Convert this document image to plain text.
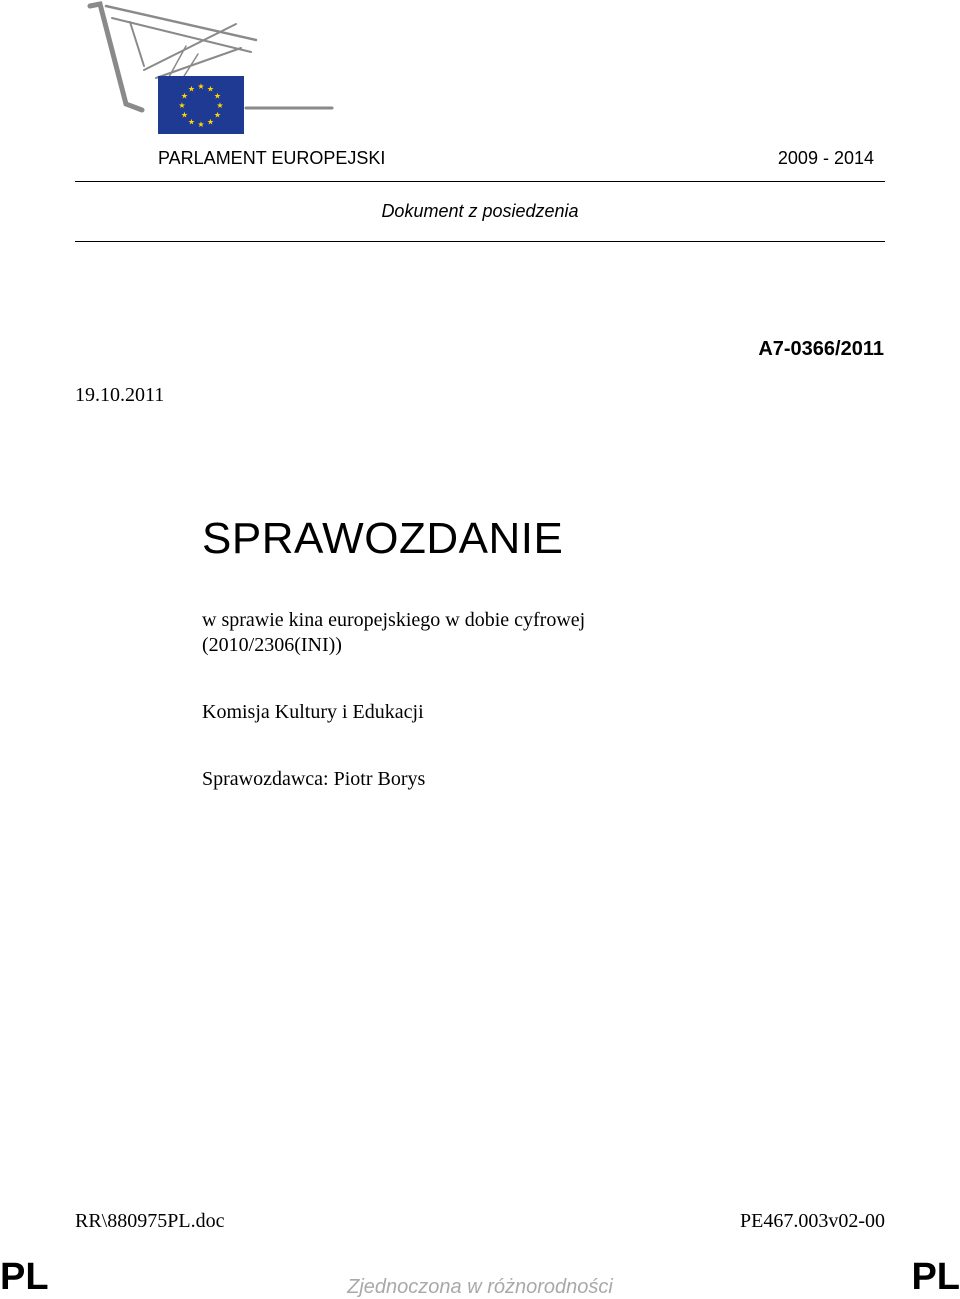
★ ★
★
★
★
★
★
★
★
★
★
★
PARLAMENT EUROPEJSKI	2009 - 2014
Dokument z posiedzenia
A7-0366/2011
19.10.2011
SPRAWOZDANIE
w sprawie kina europejskiego w dobie cyfrowej
(2010/2306(INI))
Komisja Kultury i Edukacji
Sprawozdawca: Piotr Borys
RR\880975PL.doc	PE467.003v02-00
PL	PL
Zjednoczona w różnorodności
